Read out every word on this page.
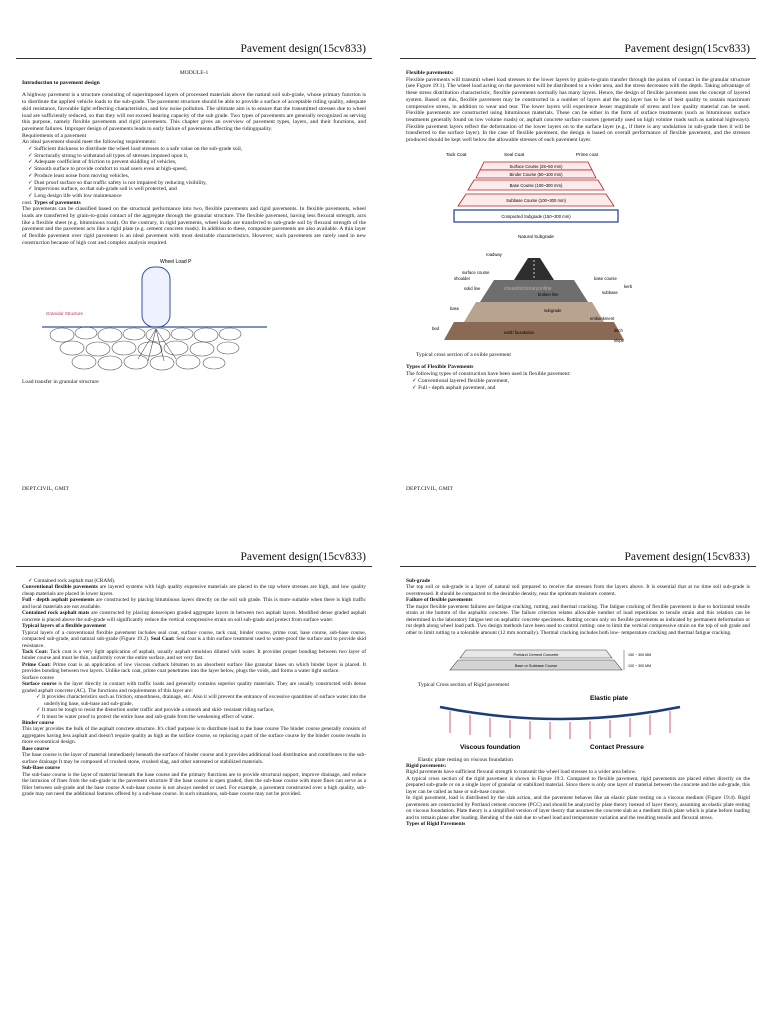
Pavement design(15cv833)

MODULE-1

Introduction to pavement design

A highway pavement is a structure consisting of superimposed layers of processed materials above the natural soil sub-grade, whose primary function is to distribute the applied vehicle loads to the sub-grade. The pavement structure should be able to provide a surface of acceptable riding quality, adequate skid resistance, favorable light reflecting characteristics, and low noise pollution. The ultimate aim is to ensure that the transmitted stresses due to wheel load are sufficiently reduced, so that they will not exceed bearing capacity of the sub grade. Two types of pavements are generally recognized as serving this purpose, namely flexible pavements and rigid pavements. This chapter gives an overview of pavement types, layers, and their functions, and pavement failures. Improper design of pavements leads to early failure of pavements affecting the ridingquality.

Requirements of a pavement

An ideal pavement should meet the following requirements:

✓ Sufficient thickness to distribute the wheel load stresses to a safe value on the sub-grade soil,

✓ Structurally strong to withstand all types of stresses imposed upon it,

✓ Adequate coefficient of friction to prevent skidding of vehicles,

✓ Smooth surface to provide comfort to road users even at high-speed,

✓ Produce least noise from moving vehicles,

✓ Dust proof surface so that traffic safety is not impaired by reducing visibility,

✓ Impervious surface, so that sub-grade soil is well protected, and

✓ Long design life with low maintenance

cost. Types of pavements

The pavements can be classified based on the structural performance into two, flexible pavements and rigid pavements. In flexible pavements, wheel loads are transferred by grain-to-grain contact of the aggregate through the granular structure. The flexible pavement, having less flexural strength, acts like a flexible sheet (e.g. bituminous road). On the contrary, in rigid pavements, wheel loads are transferred to sub-grade soil by flexural strength of the pavement and the pavement acts like a rigid plate (e.g. cement concrete roads). In addition to these, composite pavements are also available. A thin layer of flexible pavement over rigid pavement is an ideal pavement with most desirable characteristics. However, such pavements are rarely used in new construction because of high cost and complex analysis required.

Wheel Load P
Granular Structure

Load transfer in granular structure

DEPT.CIVIL, GMIT
Pavement design(15cv833)

Flexible pavements:

Flexible pavements will transmit wheel load stresses to the lower layers by grain-to-grain transfer through the points of contact in the granular structure (see Figure 19:1). The wheel load acting on the pavement will be distributed to a wider area, and the stress decreases with the depth. Taking advantage of these stress distribution characteristic, flexible pavements normally has many layers. Hence, the design of flexible pavement uses the concept of layered system. Based on this, flexible pavement may be constructed in a number of layers and the top layer has to be of best quality to sustain maximum compressive stress, in addition to wear and tear. The lower layers will experience lesser magnitude of stress and low quality material can be used. Flexible pavements are constructed using bituminous materials. These can be either in the form of surface treatments (such as bituminous surface treatments generally found on low volume roads) or, asphalt concrete surface courses (generally used on high volume roads such as national highways). Flexible pavement layers reflect the deformation of the lower layers on to the surface layer (e.g., if there is any undulation in sub-grade then it will be transferred to the surface layer). In the case of flexible pavement, the design is based on overall performance of flexible pavement, and the stresses produced should be kept well below the allowable stresses of each pavement layer.

Tack Coat	Seal Coat	Prime coat
Surface Course (25~50 mm)
Binder Course (50~100 mm)
Base Course (100~300 mm)
Subbase Course (100~300 mm)
Compacted Subgrade (150~300 mm)
Natural Subgrade
roadway
surface course
shoulder	base course
kerb
solid line
subbase
broken line
base	subgrade
embankment
bed
earth foundation	ditch
slope
visualdictionaryonline

Typical cross section of a exible pavement

Types of Flexible Pavements

The following types of construction have been used in flexible pavement:

✓ Conventional layered flexible pavement,

✓ Full - depth asphalt pavement, and

DEPT.CIVIL, GMIT
Pavement design(15cv833)

✓ Contained rock asphalt mat (CRAM).

Conventional flexible pavements are layered systems with high quality expensive materials are placed in the top where stresses are high, and low quality cheap materials are placed in lower layers.

Full - depth asphalt pavements are constructed by placing bituminous layers directly on the soil sub grade. This is more suitable when there is high traffic and local materials are not available.

Contained rock asphalt mats are constructed by placing dense/open graded aggregate layers in between two asphalt layers. Modified dense graded asphalt concrete is placed above the sub-grade will significantly reduce the vertical compressive strain on soil sub-grade and protect from surface water.

Typical layers of a flexible pavement

Typical layers of a conventional flexible pavement includes seal coat, surface course, tack coat, binder course, prime coat, base course, sub-base course, compacted sub-grade, and natural sub-grade (Figure 19.2). Seal Coat: Seal coat is a thin surface treatment used to water-proof the surface and to provide skid resistance.

Tack Coat: Tack coat is a very light application of asphalt, usually asphalt emulsion diluted with water. It provides proper bonding between two layer of binder course and must be thin, uniformly cover the entire surface, and set very fast.

Prime Coat: Prime coat is an application of low viscous cutback bitumen to an absorbent surface like granular bases on which binder layer is placed. It provides bonding between two layers. Unlike tack coat, prime coat penetrates into the layer below, plugs the voids, and forms a water tight surface.

Surface course

Surface course is the layer directly in contact with traffic loads and generally contains superior quality materials. They are usually constructed with dense graded asphalt concrete (AC). The functions and requirements of this layer are:

✓ It provides characteristics such as friction, smoothness, drainage, etc. Also it will prevent the entrance of excessive quantities of surface water into the underlying base, sub-base and sub-grade,

✓ It must be tough to resist the distortion under traffic and provide a smooth and skid- resistant riding surface,

✓ It must be water proof to protect the entire base and sub-grade from the weakening effect of water.

Binder course

This layer provides the bulk of the asphalt concrete structure. It's chief purpose is to distribute load to the base course The binder course generally consists of aggregates having less asphalt and doesn't require quality as high as the surface course, so replacing a part of the surface course by the binder course results in more economical design.

Base course

The base course is the layer of material immediately beneath the surface of binder course and it provides additional load distribution and contributes to the sub-surface drainage It may be composed of crushed stone, crushed slag, and other untreated or stabilized materials.

Sub-Base course

The sub-base course is the layer of material beneath the base course and the primary functions are to provide structural support, improve drainage, and reduce the intrusion of fines from the sub-grade in the pavement structure If the base course is open graded, then the sub-base course with more fines can serve as a filler between sub-grade and the base course A sub-base course is not always needed or used. For example, a pavement constructed over a high quality, sub-grade may not need the additional features offered by a sub-base course. In such situations, sub-base course may not be provided.

Pavement design(15cv833)

Sub-grade

The top soil or sub-grade is a layer of natural soil prepared to receive the stresses from the layers above. It is essential that at no time soil sub-grade is overstressed. It should be compacted to the desirable density, near the optimum moisture content.

Failure of flexible pavements

The major flexible pavement failures are fatigue cracking, rutting, and thermal cracking. The fatigue cracking of flexible pavement is due to horizontal tensile strain at the bottom of the asphaltic concrete. The failure criterion relates allowable number of load repetitions to tensile strain and this relation can be determined in the laboratory fatigue test on asphaltic concrete specimens. Rutting occurs only on flexible pavements as indicated by permanent deformation or rut depth along wheel load path. Two design methods have been used to control rutting: one to limit the vertical compressive strain on the top of sub grade and other to limit rutting to a tolerable amount (12 mm normally). Thermal cracking includes both low- temperature cracking and thermal fatigue cracking.

Portland Cement Concrete
Base or Subbase Course
150 ~ 300 MM
100 ~ 300 MM

Typical Cross section of Rigid pavement

Elastic plate
Viscous foundation	Contact Pressure

Elastic plate resting on viscous foundation

Rigid pavements:

Rigid pavements have sufficient flexural strength to transmit the wheel load stresses to a wider area below.

A typical cross section of the rigid pavement is shown in Figure 19:3. Compared to flexible pavement, rigid pavements are placed either directly on the prepared sub-grade or on a single layer of granular or stabilized material. Since there is only one layer of material between the concrete and the sub-grade, this layer can be called as base or sub-base course.

In rigid pavement, load is distributed by the slab action, and the pavement behaves like an elastic plate resting on a viscous medium (Figure 19:4). Rigid pavements are constructed by Portland cement concrete (PCC) and should be analyzed by plate theory instead of layer theory, assuming an elastic plate resting on viscous foundation. Plate theory is a simplified version of layer theory that assumes the concrete slab as a medium thick plate which is plane before loading and to remain plane after loading. Bending of the slab due to wheel load and temperature variation and the resulting tensile and flexural stress.

Types of Rigid Pavements
